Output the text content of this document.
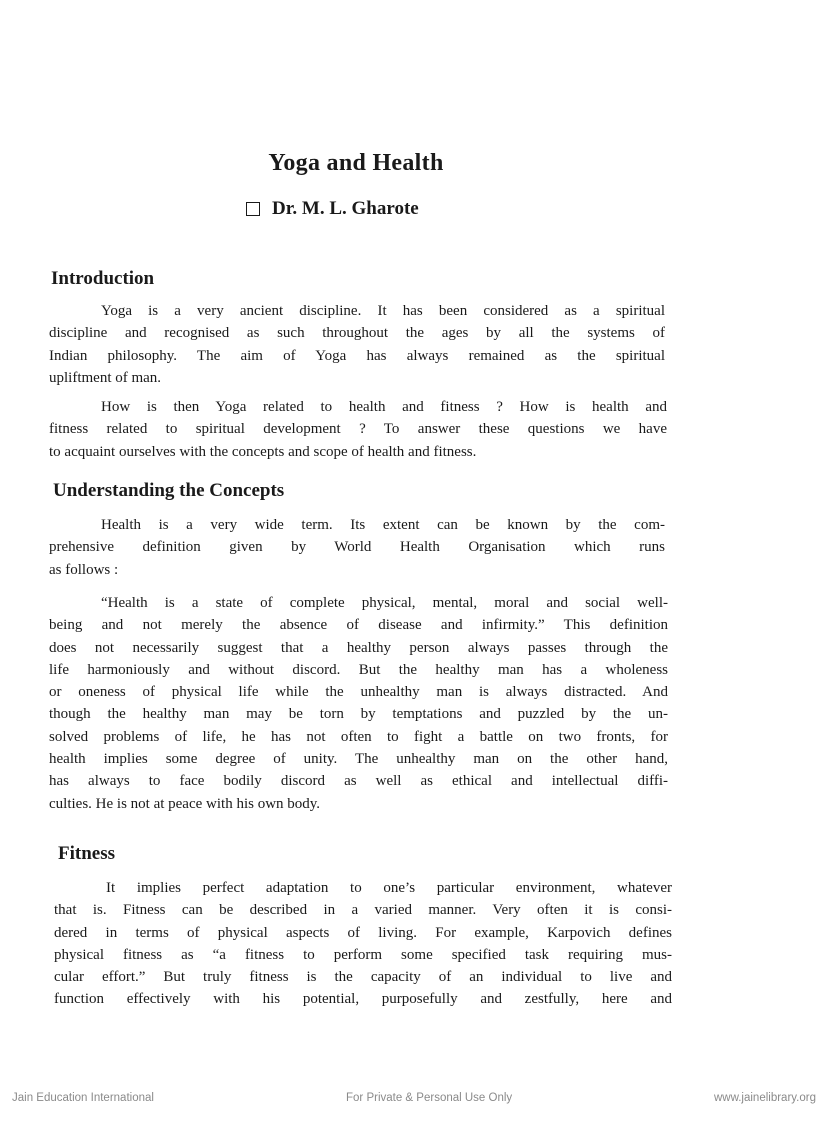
Yoga and Health
Dr. M. L. Gharote
Introduction
Yoga is a very ancient discipline. It has been considered as a spiritual
discipline and recognised as such throughout the ages by all the systems of
Indian philosophy. The aim of Yoga has always remained as the spiritual
upliftment of man.
How is then Yoga related to health and fitness ? How is health and
fitness related to spiritual development ? To answer these questions we have
to acquaint ourselves with the concepts and scope of health and fitness.
Understanding the Concepts
Health is a very wide term. Its extent can be known by the com-
prehensive definition given by World Health Organisation which runs
as follows :
“Health is a state of complete physical, mental, moral and social well-
being and not merely the absence of disease and infirmity.” This definition
does not necessarily suggest that a healthy person always passes through the
life harmoniously and without discord. But the healthy man has a wholeness
or oneness of physical life while the unhealthy man is always distracted. And
though the healthy man may be torn by temptations and puzzled by the un-
solved problems of life, he has not often to fight a battle on two fronts, for
health implies some degree of unity. The unhealthy man on the other hand,
has always to face bodily discord as well as ethical and intellectual diffi-
culties. He is not at peace with his own body.
Fitness
It implies perfect adaptation to one’s particular environment, whatever
that is. Fitness can be described in a varied manner. Very often it is consi-
dered in terms of physical aspects of living. For example, Karpovich defines
physical fitness as “a fitness to perform some specified task requiring mus-
cular effort.” But truly fitness is the capacity of an individual to live and
function effectively with his potential, purposefully and zestfully, here and
Jain Education International	For Private & Personal Use Only	www.jainelibrary.org
